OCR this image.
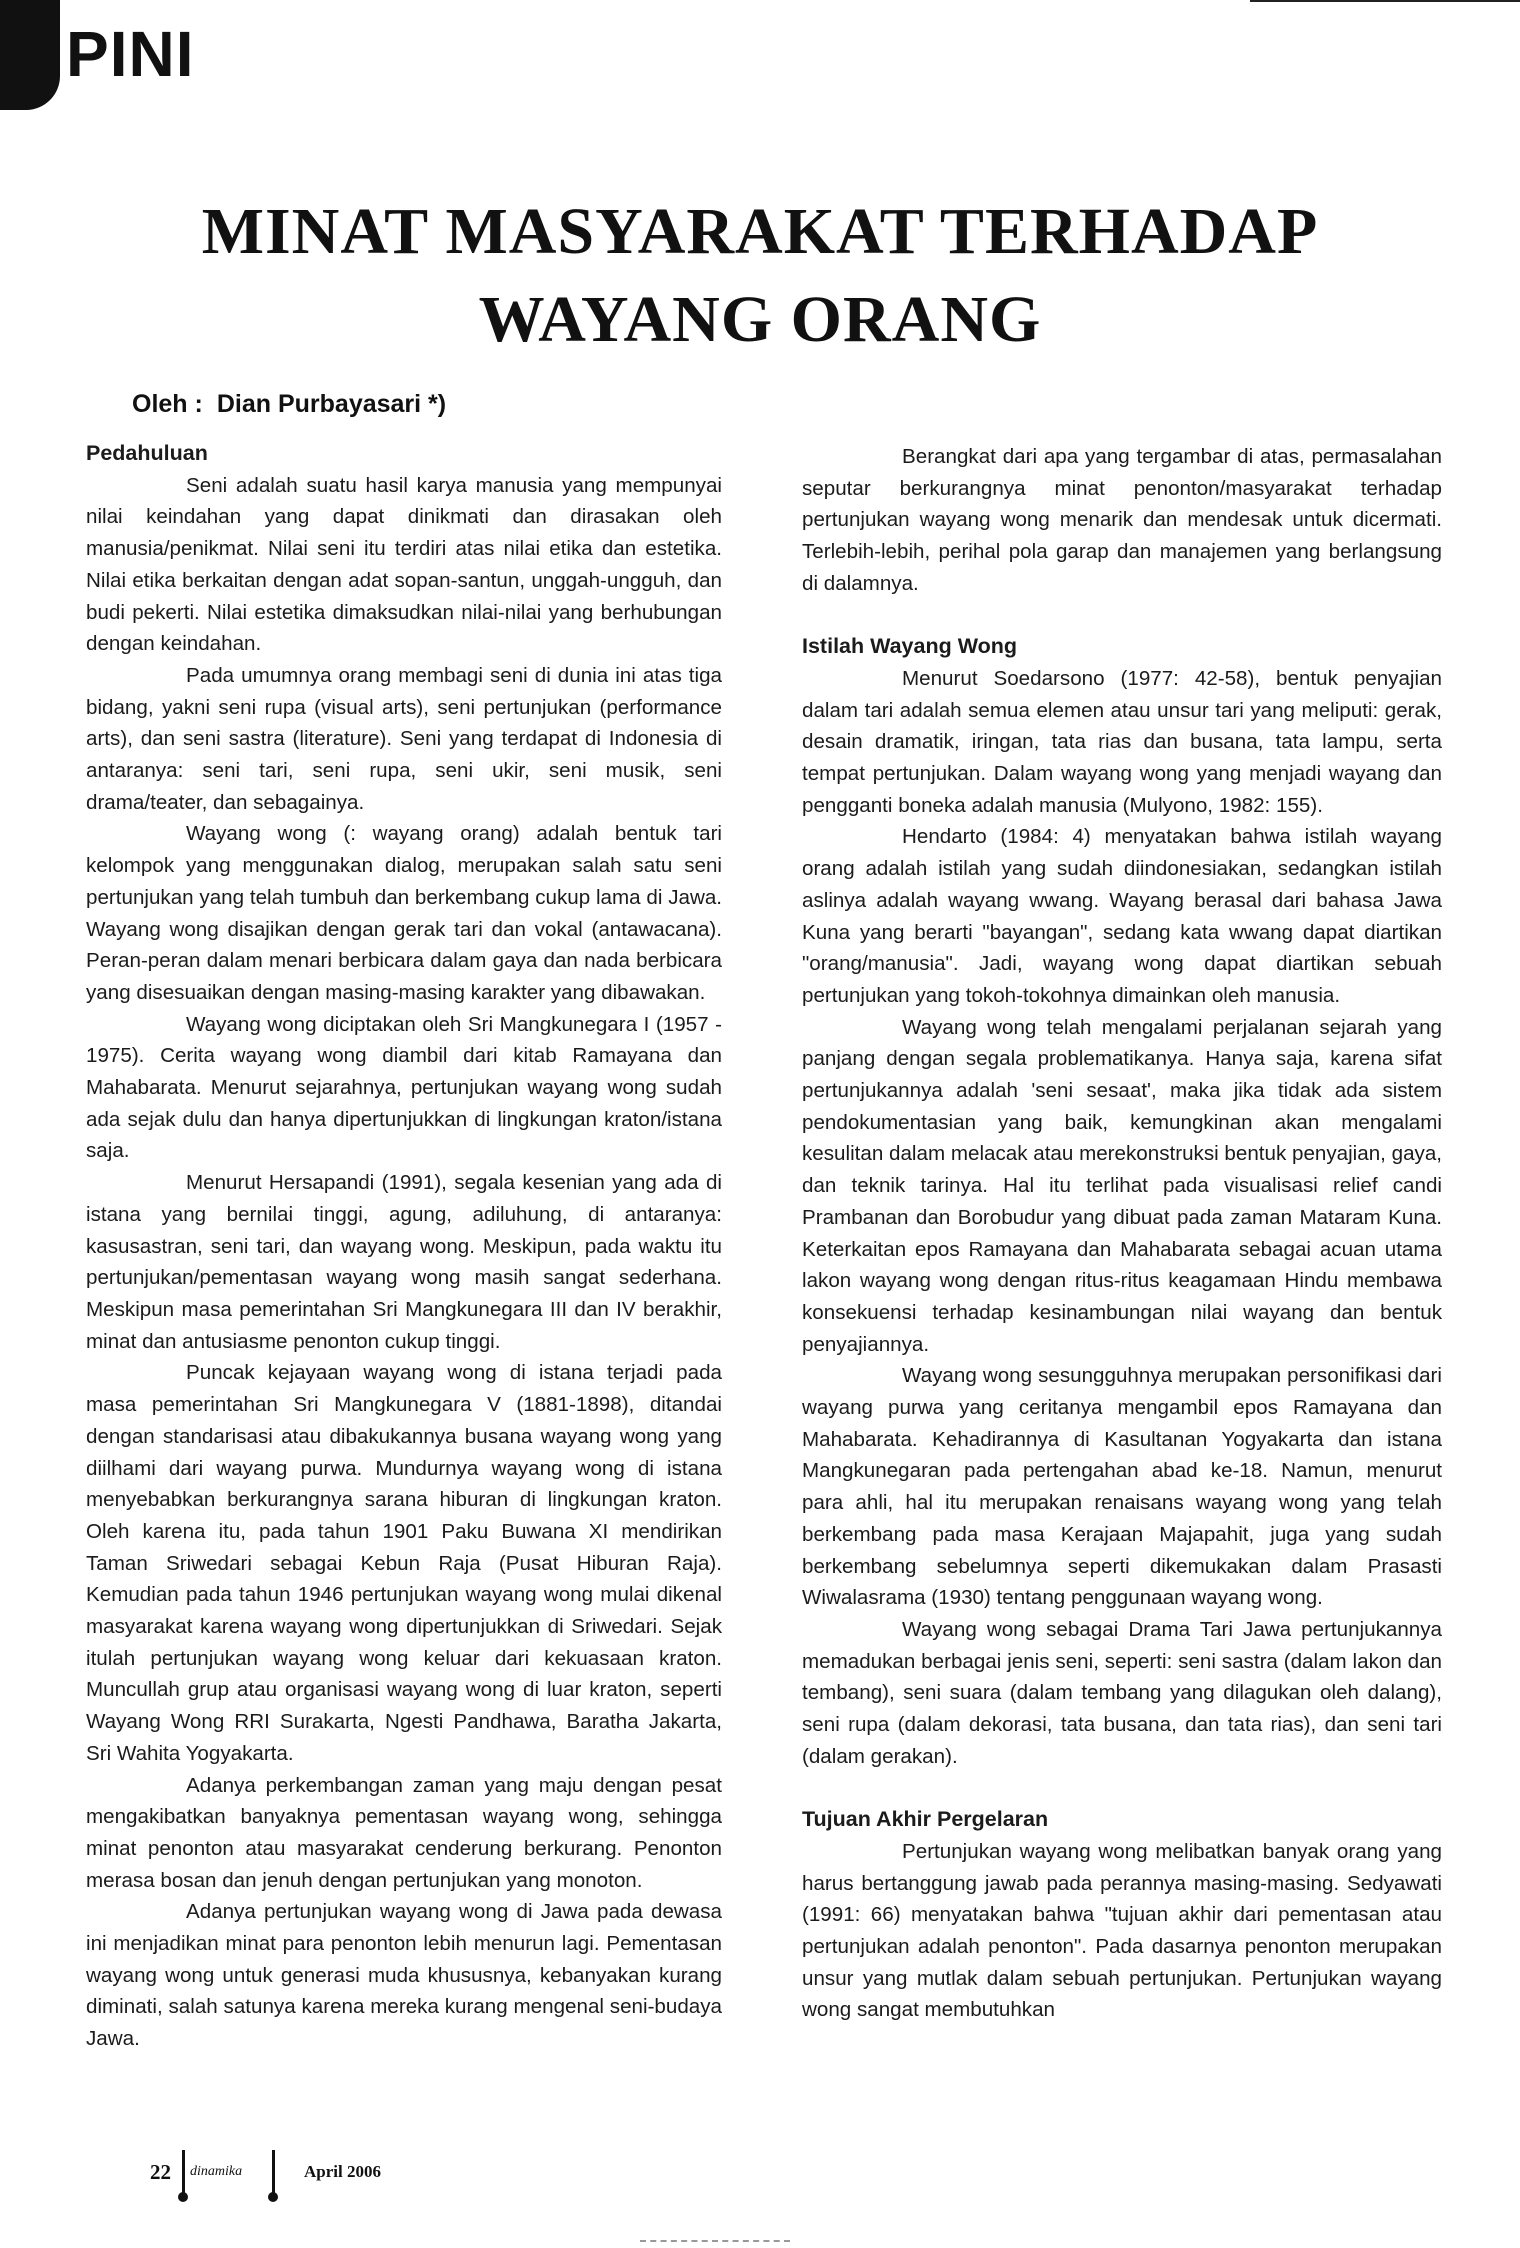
PINI
MINAT MASYARAKAT TERHADAP
WAYANG ORANG
Oleh : Dian Purbayasari *)
Pedahuluan

Seni adalah suatu hasil karya manusia yang mempunyai nilai keindahan yang dapat dinikmati dan dirasakan oleh manusia/penikmat. Nilai seni itu terdiri atas nilai etika dan estetika. Nilai etika berkaitan dengan adat sopan-santun, unggah-ungguh, dan budi pekerti. Nilai estetika dimaksudkan nilai-nilai yang berhubungan dengan keindahan.

Pada umumnya orang membagi seni di dunia ini atas tiga bidang, yakni seni rupa (visual arts), seni pertunjukan (performance arts), dan seni sastra (literature). Seni yang terdapat di Indonesia di antaranya: seni tari, seni rupa, seni ukir, seni musik, seni drama/teater, dan sebagainya.

Wayang wong (: wayang orang) adalah bentuk tari kelompok yang menggunakan dialog, merupakan salah satu seni pertunjukan yang telah tumbuh dan berkembang cukup lama di Jawa. Wayang wong disajikan dengan gerak tari dan vokal (antawacana). Peran-peran dalam menari berbicara dalam gaya dan nada berbicara yang disesuaikan dengan masing-masing karakter yang dibawakan.

Wayang wong diciptakan oleh Sri Mangkunegara I (1957 - 1975). Cerita wayang wong diambil dari kitab Ramayana dan Mahabarata. Menurut sejarahnya, pertunjukan wayang wong sudah ada sejak dulu dan hanya dipertunjukkan di lingkungan kraton/istana saja.

Menurut Hersapandi (1991), segala kesenian yang ada di istana yang bernilai tinggi, agung, adiluhung, di antaranya: kasusastran, seni tari, dan wayang wong. Meskipun, pada waktu itu pertunjukan/pementasan wayang wong masih sangat sederhana. Meskipun masa pemerintahan Sri Mangkunegara III dan IV berakhir, minat dan antusiasme penonton cukup tinggi.

Puncak kejayaan wayang wong di istana terjadi pada masa pemerintahan Sri Mangkunegara V (1881-1898), ditandai dengan standarisasi atau dibakukannya busana wayang wong yang diilhami dari wayang purwa. Mundurnya wayang wong di istana menyebabkan berkurangnya sarana hiburan di lingkungan kraton. Oleh karena itu, pada tahun 1901 Paku Buwana XI mendirikan Taman Sriwedari sebagai Kebun Raja (Pusat Hiburan Raja). Kemudian pada tahun 1946 pertunjukan wayang wong mulai dikenal masyarakat karena wayang wong dipertunjukkan di Sriwedari. Sejak itulah pertunjukan wayang wong keluar dari kekuasaan kraton. Muncullah grup atau organisasi wayang wong di luar kraton, seperti Wayang Wong RRI Surakarta, Ngesti Pandhawa, Baratha Jakarta, Sri Wahita Yogyakarta.

Adanya perkembangan zaman yang maju dengan pesat mengakibatkan banyaknya pementasan wayang wong, sehingga minat penonton atau masyarakat cenderung berkurang. Penonton merasa bosan dan jenuh dengan pertunjukan yang monoton.

Adanya pertunjukan wayang wong di Jawa pada dewasa ini menjadikan minat para penonton lebih menurun lagi. Pementasan wayang wong untuk generasi muda khususnya, kebanyakan kurang diminati, salah satunya karena mereka kurang mengenal seni-budaya Jawa.

Berangkat dari apa yang tergambar di atas, permasalahan seputar berkurangnya minat penonton/masyarakat terhadap pertunjukan wayang wong menarik dan mendesak untuk dicermati. Terlebih-lebih, perihal pola garap dan manajemen yang berlangsung di dalamnya.

Istilah Wayang Wong

Menurut Soedarsono (1977: 42-58), bentuk penyajian dalam tari adalah semua elemen atau unsur tari yang meliputi: gerak, desain dramatik, iringan, tata rias dan busana, tata lampu, serta tempat pertunjukan. Dalam wayang wong yang menjadi wayang dan pengganti boneka adalah manusia (Mulyono, 1982: 155).

Hendarto (1984: 4) menyatakan bahwa istilah wayang orang adalah istilah yang sudah diindonesiakan, sedangkan istilah aslinya adalah wayang wwang. Wayang berasal dari bahasa Jawa Kuna yang berarti "bayangan", sedang kata wwang dapat diartikan "orang/manusia". Jadi, wayang wong dapat diartikan sebuah pertunjukan yang tokoh-tokohnya dimainkan oleh manusia.

Wayang wong telah mengalami perjalanan sejarah yang panjang dengan segala problematikanya. Hanya saja, karena sifat pertunjukannya adalah 'seni sesaat', maka jika tidak ada sistem pendokumentasian yang baik, kemungkinan akan mengalami kesulitan dalam melacak atau merekonstruksi bentuk penyajian, gaya, dan teknik tarinya. Hal itu terlihat pada visualisasi relief candi Prambanan dan Borobudur yang dibuat pada zaman Mataram Kuna. Keterkaitan epos Ramayana dan Mahabarata sebagai acuan utama lakon wayang wong dengan ritus-ritus keagamaan Hindu membawa konsekuensi terhadap kesinambungan nilai wayang dan bentuk penyajiannya.

Wayang wong sesungguhnya merupakan personifikasi dari wayang purwa yang ceritanya mengambil epos Ramayana dan Mahabarata. Kehadirannya di Kasultanan Yogyakarta dan istana Mangkunegaran pada pertengahan abad ke-18. Namun, menurut para ahli, hal itu merupakan renaisans wayang wong yang telah berkembang pada masa Kerajaan Majapahit, juga yang sudah berkembang sebelumnya seperti dikemukakan dalam Prasasti Wiwalasrama (1930) tentang penggunaan wayang wong.

Wayang wong sebagai Drama Tari Jawa pertunjukannya memadukan berbagai jenis seni, seperti: seni sastra (dalam lakon dan tembang), seni suara (dalam tembang yang dilagukan oleh dalang), seni rupa (dalam dekorasi, tata busana, dan tata rias), dan seni tari (dalam gerakan).

Tujuan Akhir Pergelaran

Pertunjukan wayang wong melibatkan banyak orang yang harus bertanggung jawab pada perannya masing-masing. Sedyawati (1991: 66) menyatakan bahwa "tujuan akhir dari pementasan atau pertunjukan adalah penonton". Pada dasarnya penonton merupakan unsur yang mutlak dalam sebuah pertunjukan. Pertunjukan wayang wong sangat membutuhkan

22 dinamika	April 2006
